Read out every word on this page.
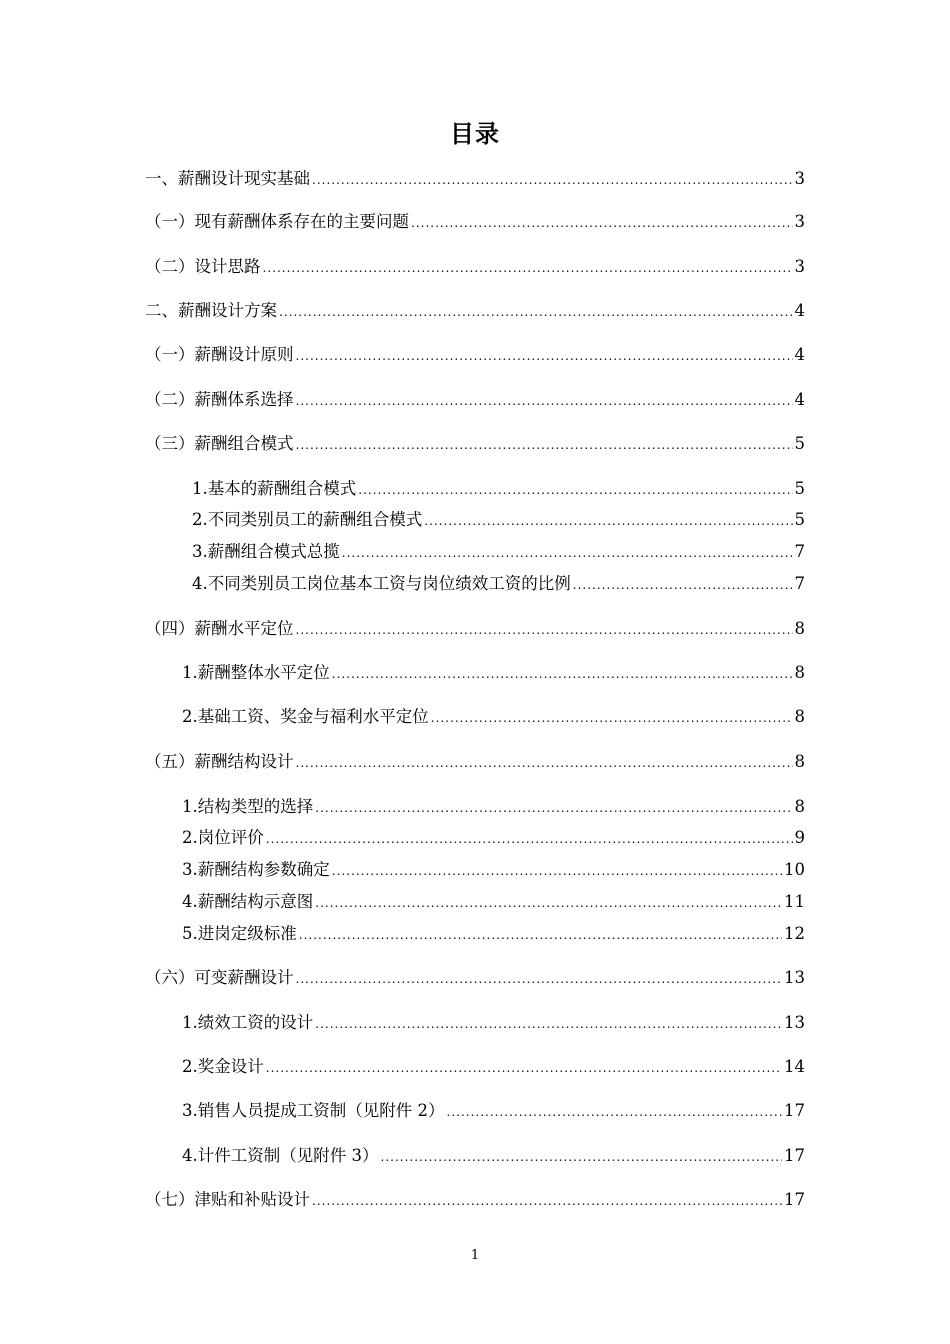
目录
一、薪酬设计现实基础 .....	3
（一）现有薪酬体系存在的主要问题 .....	3
（二）设计思路 .....	3
二、薪酬设计方案 .....	4
（一）薪酬设计原则 .....	4
（二）薪酬体系选择 .....	4
（三）薪酬组合模式 .....	5
1.基本的薪酬组合模式 .....	5
2.不同类别员工的薪酬组合模式 .....	5
3.薪酬组合模式总揽 .....	7
4.不同类别员工岗位基本工资与岗位绩效工资的比例 .....	7
（四）薪酬水平定位 .....	8
1.薪酬整体水平定位 .....	8
2.基础工资、奖金与福利水平定位 .....	8
（五）薪酬结构设计 .....	8
1.结构类型的选择 .....	8
2.岗位评价 .....	9
3.薪酬结构参数确定 .....	10
4.薪酬结构示意图 .....	11
5.进岗定级标准 .....	12
（六）可变薪酬设计 .....	13
1.绩效工资的设计 .....	13
2.奖金设计 .....	14
3.销售人员提成工资制（见附件 2） .....	17
4.计件工资制（见附件 3） .....	17
（七）津贴和补贴设计 .....	17
1
